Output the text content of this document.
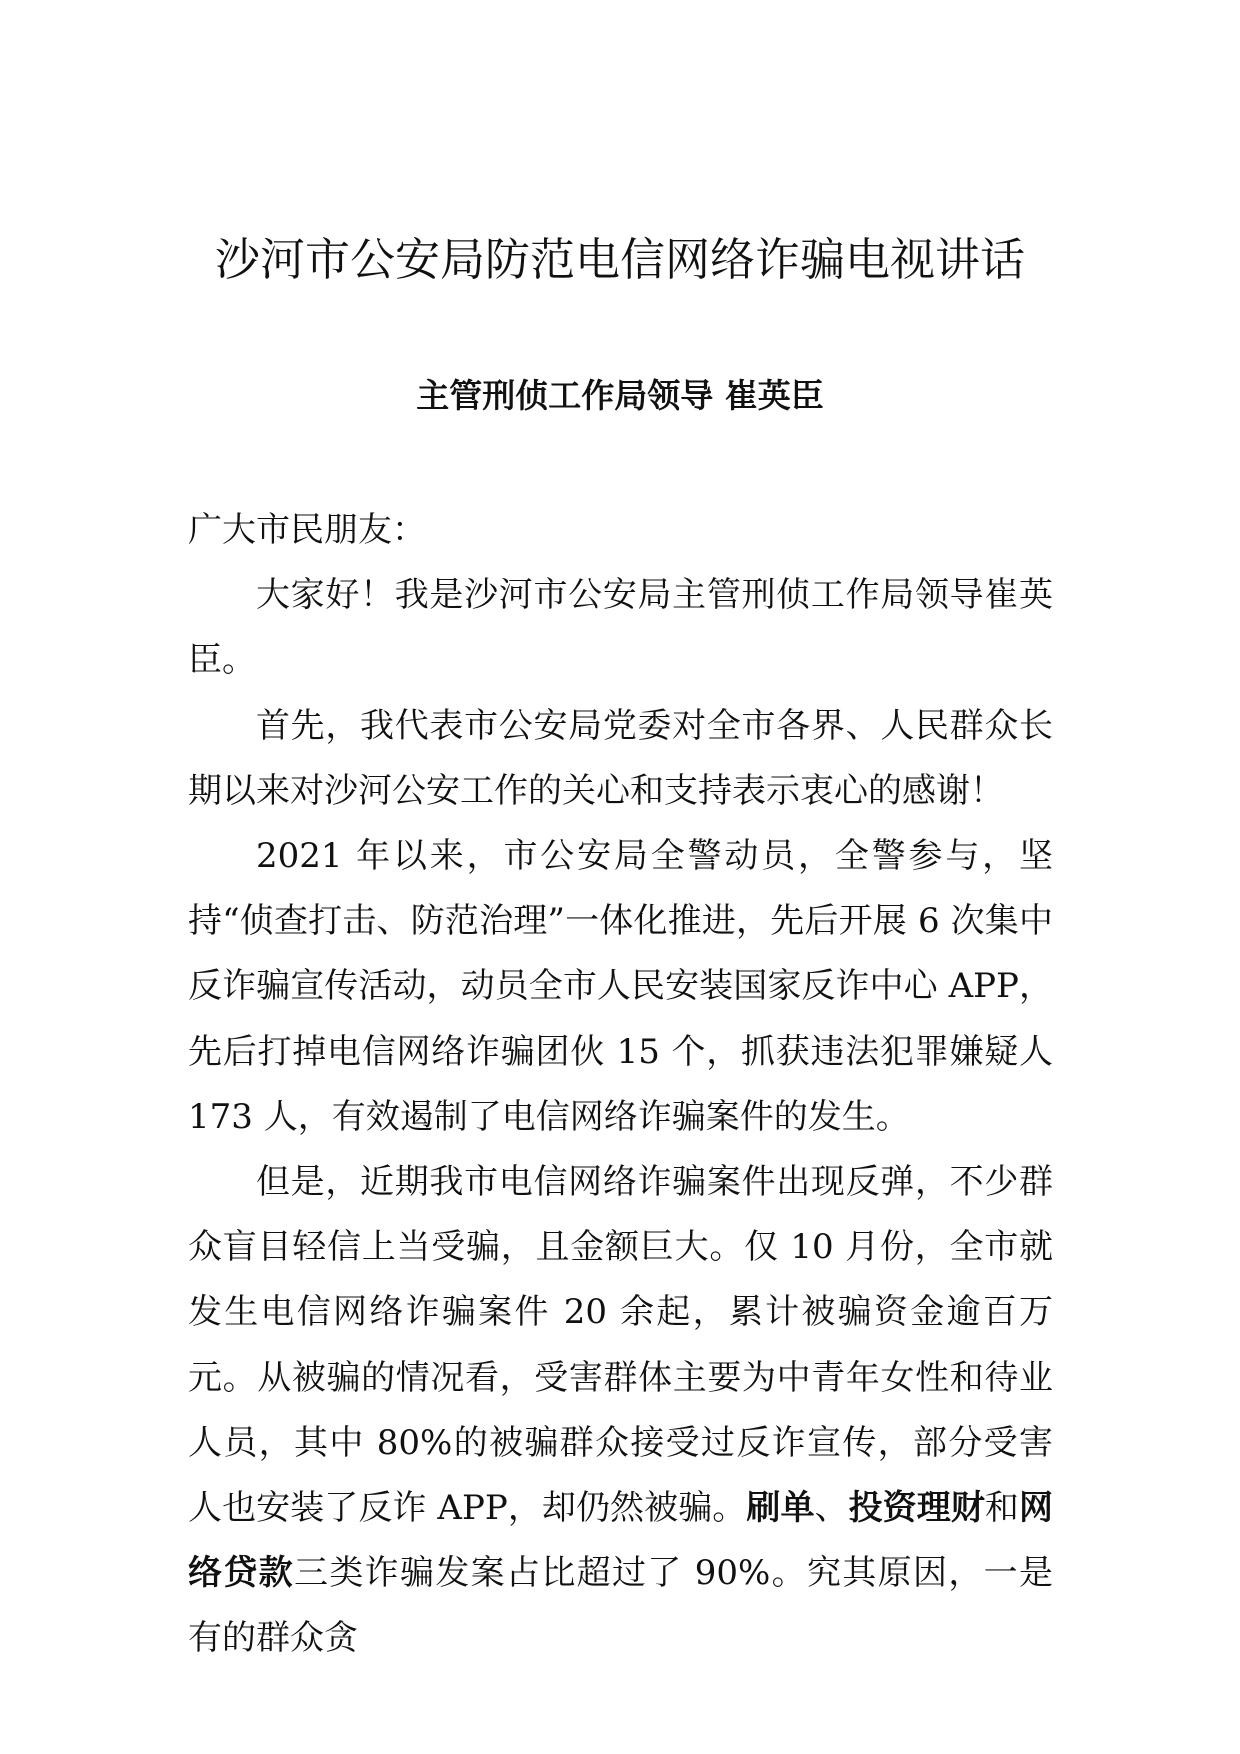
沙河市公安局防范电信网络诈骗电视讲话
主管刑侦工作局领导 崔英臣

广大市民朋友：

大家好！我是沙河市公安局主管刑侦工作局领导崔英臣。

首先，我代表市公安局党委对全市各界、人民群众长期以来对沙河公安工作的关心和支持表示衷心的感谢！

2021 年以来，市公安局全警动员，全警参与，坚持“侦查打击、防范治理”一体化推进，先后开展 6 次集中反诈骗宣传活动，动员全市人民安装国家反诈中心 APP，先后打掉电信网络诈骗团伙 15 个，抓获违法犯罪嫌疑人 173 人，有效遏制了电信网络诈骗案件的发生。

但是，近期我市电信网络诈骗案件出现反弹，不少群众盲目轻信上当受骗，且金额巨大。仅 10 月份，全市就发生电信网络诈骗案件 20 余起，累计被骗资金逾百万元。从被骗的情况看，受害群体主要为中青年女性和待业人员，其中 80%的被骗群众接受过反诈宣传，部分受害人也安装了反诈 APP，却仍然被骗。刷单、投资理财和网络贷款三类诈骗发案占比超过了 90%。究其原因，一是有的群众贪
